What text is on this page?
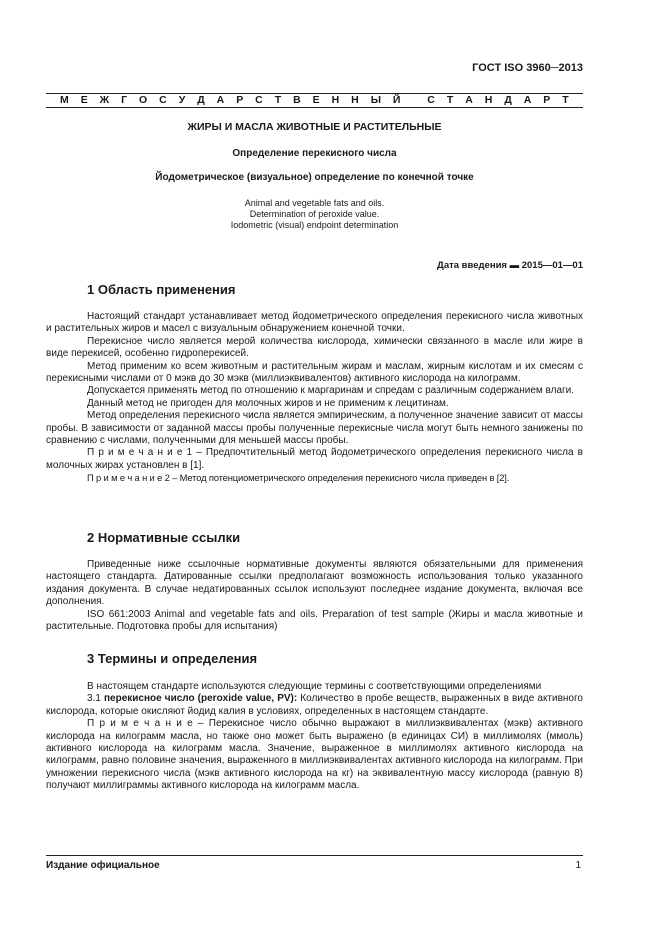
ГОСТ ISO 3960─2013
М Е Ж Г О С У Д А Р С Т В Е Н Н Ы Й
	С Т А Н Д А Р Т
ЖИРЫ И МАСЛА ЖИВОТНЫЕ И РАСТИТЕЛЬНЫЕ
Определение перекисного числа
Йодометрическое (визуальное) определение по конечной точке
Animal and vegetable fats and oils.
Determination of peroxide value.
Iodometric (visual) endpoint determination
Дата введения ▬ 2015—01—01
1 Область применения

Настоящий стандарт устанавливает метод йодометрического определения перекисного числа животных и растительных жиров и масел с визуальным обнаружением конечной точки.

Перекисное число является мерой количества кислорода, химически связанного в масле или жире в виде перекисей, особенно гидроперекисей.

Метод применим ко всем животным и растительным жирам и маслам, жирным кислотам и их смесям с перекисными числами от 0 мэкв до 30 мэкв (миллиэквивалентов) активного кислорода на килограмм.

Допускается применять метод по отношению к маргаринам и спредам с различным содержанием влаги.

Данный метод не пригоден для молочных жиров и не применим к лецитинам.

Метод определения перекисного числа является эмпирическим, а полученное значение зависит от массы пробы. В зависимости от заданной массы пробы полученные перекисные числа могут быть немного занижены по сравнению с числами, полученными для меньшей массы пробы.

П р и м е ч а н и е 1 – Предпочтительный метод йодометрического определения перекисного числа в молочных жирах установлен в [1].

П р и м е ч а н и е 2 – Метод потенциометрического определения перекисного числа приведен в [2].

2 Нормативные ссылки

Приведенные ниже ссылочные нормативные документы являются обязательными для применения настоящего стандарта. Датированные ссылки предполагают возможность использования только указанного издания документа. В случае недатированных ссылок используют последнее издание документа, включая все дополнения.

ISO 661:2003 Animal and vegetable fats and oils. Preparation of test sample (Жиры и масла животные и растительные. Подготовка пробы для испытания)

3 Термины и определения

В настоящем стандарте используются следующие термины с соответствующими определениями

3.1 перекисное число (peroxide value, PV): Количество в пробе веществ, выраженных в виде активного кислорода, которые окисляют йодид калия в условиях, определенных в настоящем стандарте.

П р и м е ч а н и е – Перекисное число обычно выражают в миллиэквивалентах (мэкв) активного кислорода на килограмм масла, но также оно может быть выражено (в единицах СИ) в миллимолях (ммоль) активного кислорода на килограмм масла. Значение, выраженное в миллимолях активного кислорода на килограмм, равно половине значения, выраженного в миллиэквивалентах активного кислорода на килограмм. При умножении перекисного числа (мэкв активного кислорода на кг) на эквивалентную массу кислорода (равную 8) получают миллиграммы активного кислорода на килограмм масла.

Издание официальное	1
